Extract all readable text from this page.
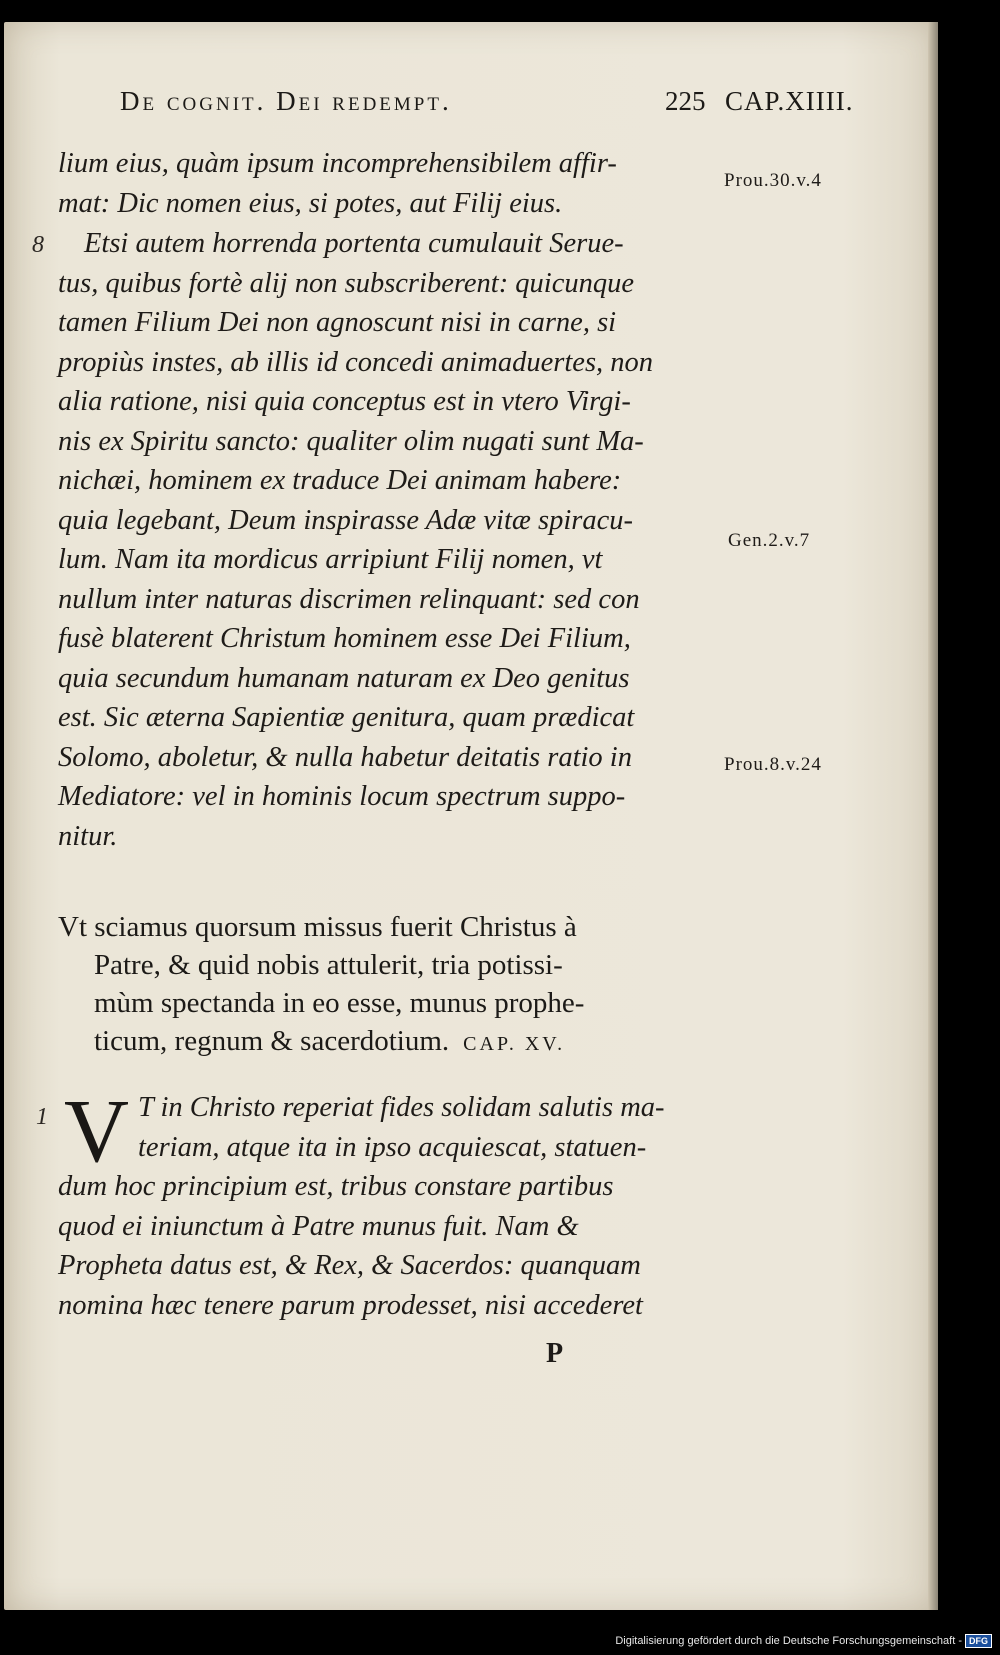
De cognit. Dei redempt.	225 CAP.XIIII.
lium eius, quàm ipsum incomprehensibilem affir-
mat: Dic nomen eius, si potes, aut Filij eius.
8	Etsi autem horrenda portenta cumulauit Serue-
tus, quibus fortè alij non subscriberent: quicunque
tamen Filium Dei non agnoscunt nisi in carne, si
propiùs instes, ab illis id concedi animaduertes, non
alia ratione, nisi quia conceptus est in vtero Virgi-
nis ex Spiritu sancto: qualiter olim nugati sunt Ma-
nichæi, hominem ex traduce Dei animam habere:
quia legebant, Deum inspirasse Adæ vitæ spiracu-
lum. Nam ita mordicus arripiunt Filij nomen, vt
nullum inter naturas discrimen relinquant: sed con
fusè blaterent Christum hominem esse Dei Filium,
quia secundum humanam naturam ex Deo genitus
est. Sic æterna Sapientiæ genitura, quam prædicat
Solomo, aboletur, & nulla habetur deitatis ratio in
Mediatore: vel in hominis locum spectrum suppo-
nitur.
Vt sciamus quorsum missus fuerit Christus à
Patre, & quid nobis attulerit, tria potissi-
mùm spectanda in eo esse, munus prophe-
ticum, regnum & sacerdotium. CAP. XV.
1 V T in Christo reperiat fides solidam salutis ma-
teriam, atque ita in ipso acquiescat, statuen-
dum hoc principium est, tribus constare partibus
quod ei iniunctum à Patre munus fuit. Nam &
Propheta datus est, & Rex, & Sacerdos: quanquam
nomina hæc tenere parum prodesset, nisi accederet
P
Prou.30.v.4
Gen.2.v.7
Prou.8.v.24
Digitalisierung gefördert durch die Deutsche Forschungsgemeinschaft - DFG
